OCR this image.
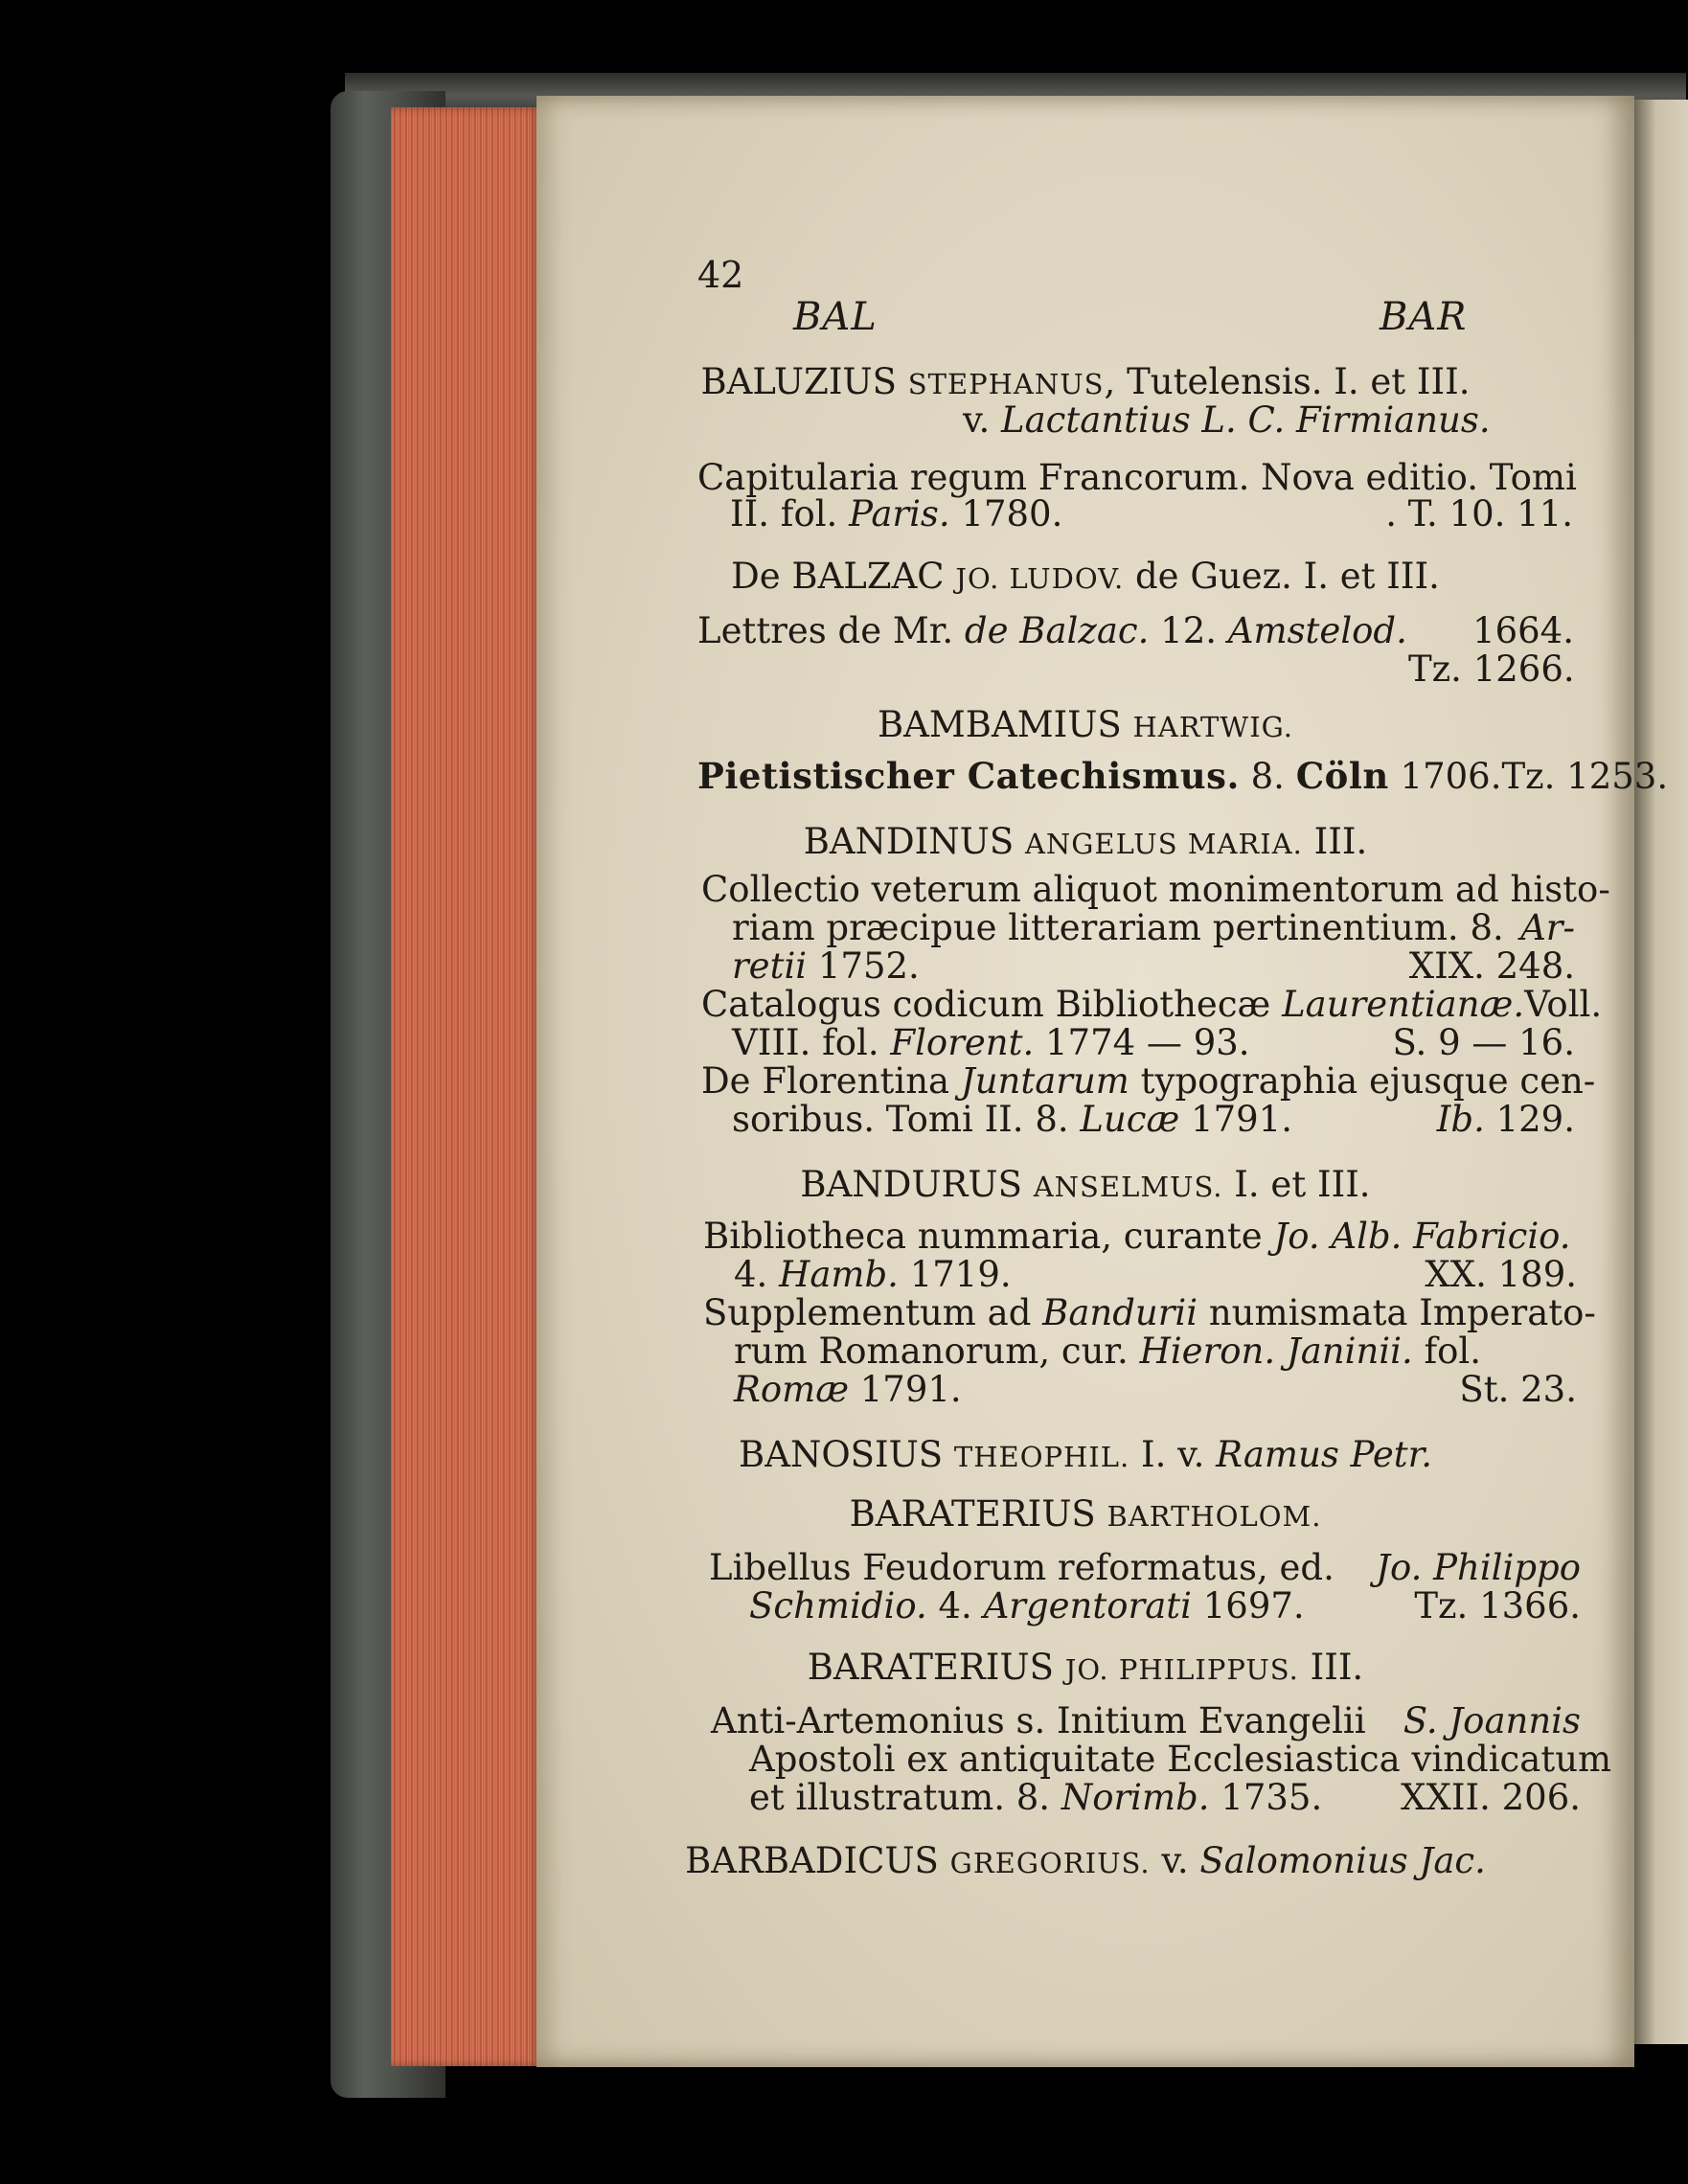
42
BAL	BAR
BALUZIUS STEPHANUS, Tutelensis. I. et III.
v. Lactantius L. C. Firmianus.
Capitularia regum Francorum. Nova editio. Tomi
II. fol. Paris. 1780.	. T. 10. 11.
De BALZAC JO. LUDOV. de Guez. I. et III.
Lettres de Mr. de Balzac. 12. Amstelod. 1664.
Tz. 1266.
BAMBAMIUS HARTWIG.
Pietistischer Catechismus. 8. Cöln 1706. Tz. 1253.
BANDINUS ANGELUS MARIA. III.
Collectio veterum aliquot monimentorum ad histo-
riam præcipue litterariam pertinentium. 8. Ar-
retii 1752.	XIX. 248.
Catalogus codicum Bibliothecæ Laurentianæ. Voll.
VIII. fol. Florent. 1774 — 93.	S. 9 — 16.
De Florentina Juntarum typographia ejusque cen-
soribus. Tomi II. 8. Lucæ 1791.	Ib. 129.
BANDURUS ANSELMUS. I. et III.
Bibliotheca nummaria, curante Jo. Alb. Fabricio.
4. Hamb. 1719.	XX. 189.
Supplementum ad Bandurii numismata Imperato-
rum Romanorum, cur. Hieron. Janinii. fol.
Romæ 1791.	St. 23.
BANOSIUS THEOPHIL. I. v. Ramus Petr.
BARATERIUS BARTHOLOM.
Libellus Feudorum reformatus, ed. Jo. Philippo
Schmidio. 4. Argentorati 1697.	Tz. 1366.
BARATERIUS JO. PHILIPPUS. III.
Anti-Artemonius s. Initium Evangelii S. Joannis
Apostoli ex antiquitate Ecclesiastica vindicatum
et illustratum. 8. Norimb. 1735. XXII. 206.
BARBADICUS GREGORIUS. v. Salomonius Jac.
